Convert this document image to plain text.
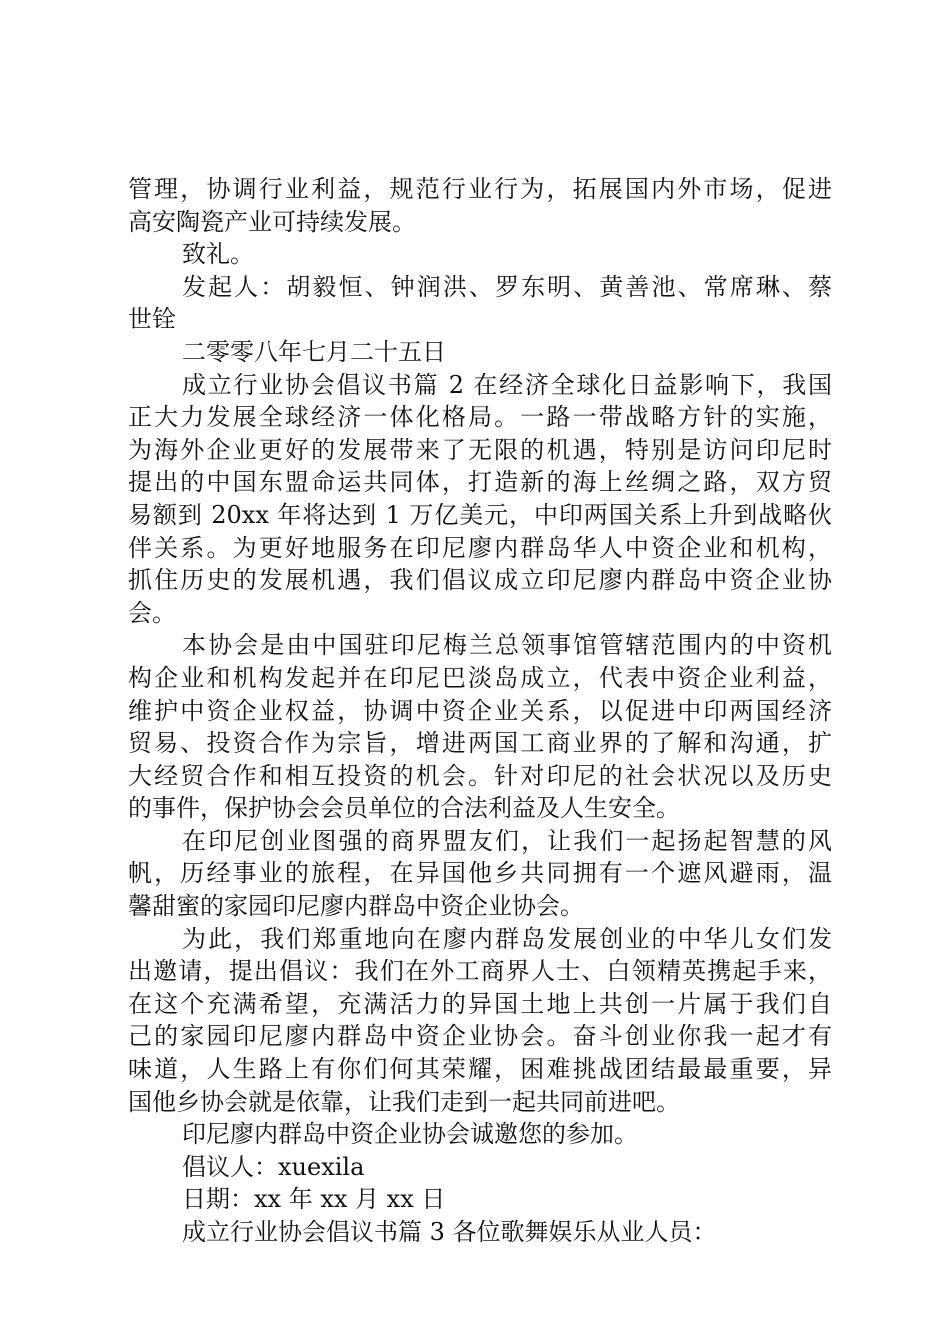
管理，协调行业利益，规范行业行为，拓展国内外市场，促进
高安陶瓷产业可持续发展。
致礼。
发起人：胡毅恒、钟润洪、罗东明、黄善池、常席琳、蔡
世铨
二零零八年七月二十五日
成立行业协会倡议书篇 2 在经济全球化日益影响下，我国
正大力发展全球经济一体化格局。一路一带战略方针的实施，
为海外企业更好的发展带来了无限的机遇，特别是访问印尼时
提出的中国东盟命运共同体，打造新的海上丝绸之路，双方贸
易额到 20xx 年将达到 1 万亿美元，中印两国关系上升到战略伙
伴关系。为更好地服务在印尼廖内群岛华人中资企业和机构，
抓住历史的发展机遇，我们倡议成立印尼廖内群岛中资企业协
会。
本协会是由中国驻印尼梅兰总领事馆管辖范围内的中资机
构企业和机构发起并在印尼巴淡岛成立，代表中资企业利益，
维护中资企业权益，协调中资企业关系，以促进中印两国经济
贸易、投资合作为宗旨，增进两国工商业界的了解和沟通，扩
大经贸合作和相互投资的机会。针对印尼的社会状况以及历史
的事件，保护协会会员单位的合法利益及人生安全。
在印尼创业图强的商界盟友们，让我们一起扬起智慧的风
帆，历经事业的旅程，在异国他乡共同拥有一个遮风避雨，温
馨甜蜜的家园印尼廖内群岛中资企业协会。
为此，我们郑重地向在廖内群岛发展创业的中华儿女们发
出邀请，提出倡议：我们在外工商界人士、白领精英携起手来，
在这个充满希望，充满活力的异国土地上共创一片属于我们自
己的家园印尼廖内群岛中资企业协会。奋斗创业你我一起才有
味道，人生路上有你们何其荣耀，困难挑战团结最最重要，异
国他乡协会就是依靠，让我们走到一起共同前进吧。
印尼廖内群岛中资企业协会诚邀您的参加。
倡议人：xuexila
日期：xx 年 xx 月 xx 日
成立行业协会倡议书篇 3 各位歌舞娱乐从业人员：
